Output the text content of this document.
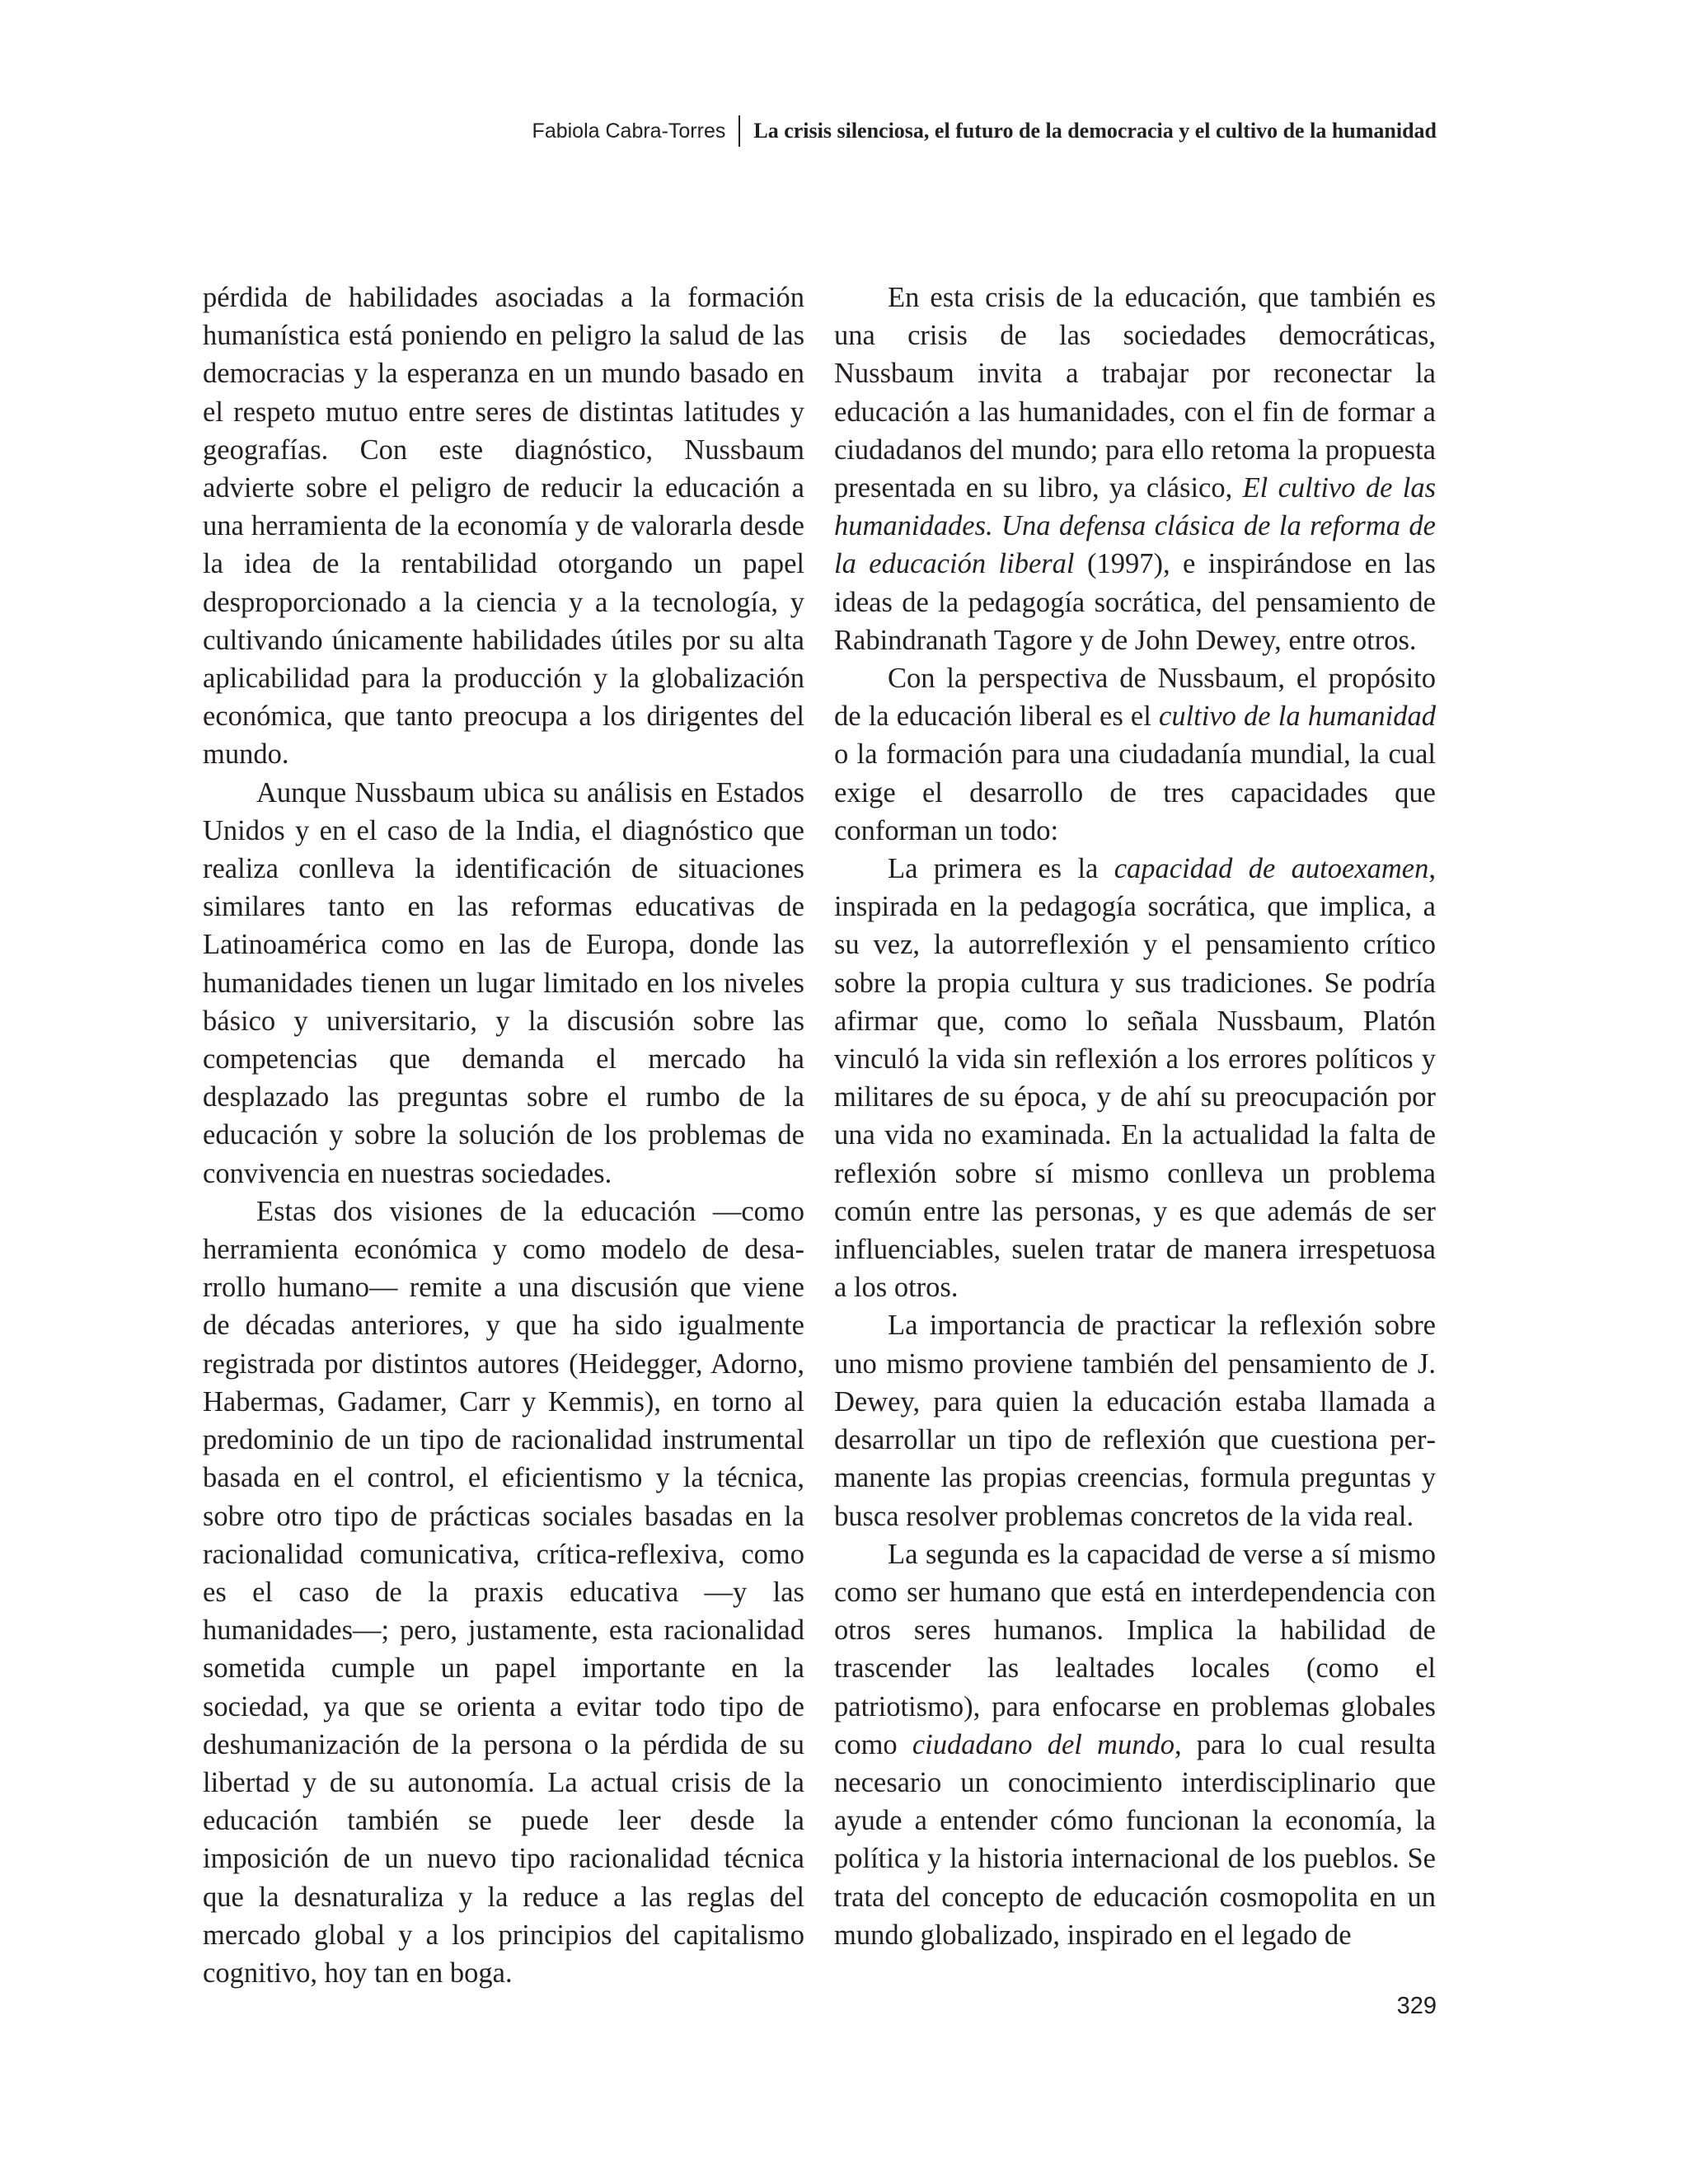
Fabiola Cabra-Torres La crisis silenciosa, el futuro de la democracia y el cultivo de la humanidad

pérdida de habilidades asociadas a la formación humanística está poniendo en peligro la salud de las democracias y la esperanza en un mundo basado en el respeto mutuo entre seres de distintas latitudes y geografías. Con este diagnóstico, Nussbaum advierte sobre el peligro de reducir la educación a una herramienta de la economía y de valorarla desde la idea de la rentabilidad otorgando un papel desproporcionado a la ciencia y a la tecnología, y cultivando únicamente habilidades útiles por su alta aplicabilidad para la producción y la globalización económica, que tanto preocupa a los dirigentes del mundo.

Aunque Nussbaum ubica su análisis en Estados Unidos y en el caso de la India, el diagnóstico que realiza conlleva la identificación de situaciones similares tanto en las reformas educativas de Latinoamérica como en las de Europa, donde las humanidades tienen un lugar limitado en los niveles básico y universitario, y la discusión sobre las competencias que demanda el mercado ha desplazado las preguntas sobre el rumbo de la educación y sobre la solución de los problemas de convivencia en nuestras sociedades.

Estas dos visiones de la educación —como herramienta económica y como modelo de desarrollo humano— remite a una discusión que viene de décadas anteriores, y que ha sido igualmente registrada por distintos autores (Heidegger, Adorno, Habermas, Gadamer, Carr y Kemmis), en torno al predominio de un tipo de racionalidad instrumental basada en el control, el eficientismo y la técnica, sobre otro tipo de prácticas sociales basadas en la racionalidad comunicativa, crítica-reflexiva, como es el caso de la praxis educativa —y las humanidades—; pero, justamente, esta racionalidad sometida cumple un papel importante en la sociedad, ya que se orienta a evitar todo tipo de deshumanización de la persona o la pérdida de su libertad y de su autonomía. La actual crisis de la educación también se puede leer desde la imposición de un nuevo tipo racionalidad técnica que la desnaturaliza y la reduce a las reglas del mercado global y a los principios del capitalismo cognitivo, hoy tan en boga.

En esta crisis de la educación, que también es una crisis de las sociedades democráticas, Nussbaum invita a trabajar por reconectar la educación a las humanidades, con el fin de formar a ciudadanos del mundo; para ello retoma la propuesta presentada en su libro, ya clásico, El cultivo de las humanidades. Una defensa clásica de la reforma de la educación liberal (1997), e inspirándose en las ideas de la pedagogía socrática, del pensamiento de Rabindranath Tagore y de John Dewey, entre otros.

Con la perspectiva de Nussbaum, el propósito de la educación liberal es el cultivo de la humanidad o la formación para una ciudadanía mundial, la cual exige el desarrollo de tres capacidades que conforman un todo:

La primera es la capacidad de autoexamen, inspirada en la pedagogía socrática, que implica, a su vez, la autorreflexión y el pensamiento crítico sobre la propia cultura y sus tradiciones. Se podría afirmar que, como lo señala Nussbaum, Platón vinculó la vida sin reflexión a los errores políticos y militares de su época, y de ahí su preocupación por una vida no examinada. En la actualidad la falta de reflexión sobre sí mismo conlleva un problema común entre las personas, y es que además de ser influenciables, suelen tratar de manera irrespetuosa a los otros.

La importancia de practicar la reflexión sobre uno mismo proviene también del pensamiento de J. Dewey, para quien la educación estaba llamada a desarrollar un tipo de reflexión que cuestiona permanente las propias creencias, formula preguntas y busca resolver problemas concretos de la vida real.

La segunda es la capacidad de verse a sí mismo como ser humano que está en interdependencia con otros seres humanos. Implica la habilidad de trascender las lealtades locales (como el patriotismo), para enfocarse en problemas globales como ciudadano del mundo, para lo cual resulta necesario un conocimiento interdisciplinario que ayude a entender cómo funcionan la economía, la política y la historia internacional de los pueblos. Se trata del concepto de educación cosmopolita en un mundo globalizado, inspirado en el legado de

329
